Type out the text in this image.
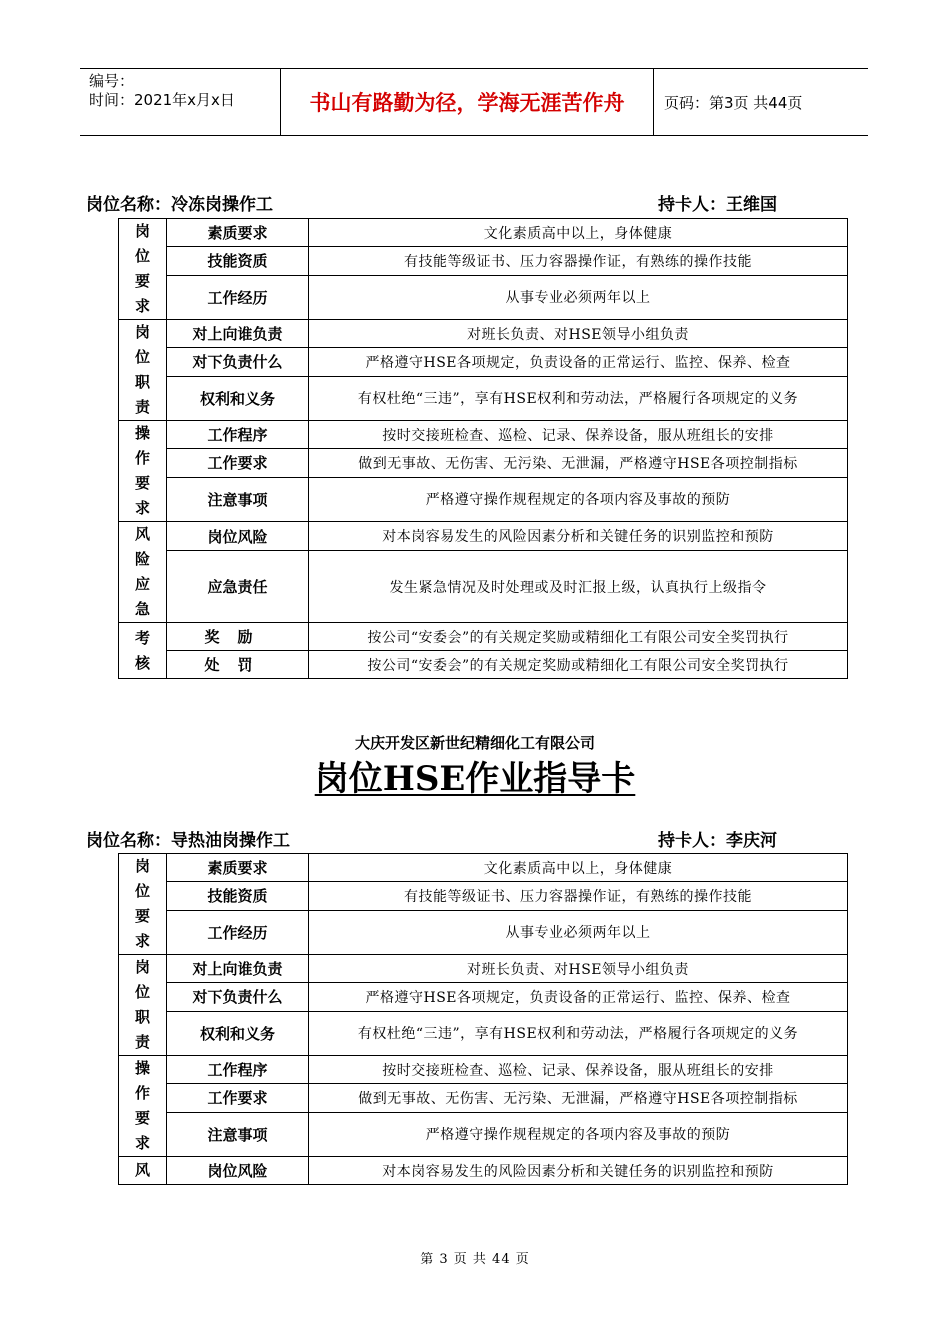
编号：
时间：2021年x月x日	书山有路勤为径，学海无涯苦作舟	页码：第3页 共44页
岗位名称：冷冻岗操作工	持卡人：王维国
岗
位
要
求	素质要求	文化素质高中以上，身体健康
	技能资质	有技能等级证书、压力容器操作证，有熟练的操作技能
	工作经历	从事专业必须两年以上

岗
位
职
责	对上向谁负责	对班长负责、对HSE领导小组负责
	对下负责什么	严格遵守HSE各项规定，负责设备的正常运行、监控、保养、检查
	权利和义务	有权杜绝“三违”，享有HSE权利和劳动法，严格履行各项规定的义务

操
作
要
求	工作程序	按时交接班检查、巡检、记录、保养设备，服从班组长的安排
	工作要求	做到无事故、无伤害、无污染、无泄漏，严格遵守HSE各项控制指标
	注意事项	严格遵守操作规程规定的各项内容及事故的预防

风
险
应
急	岗位风险	对本岗容易发生的风险因素分析和关键任务的识别监控和预防
	应急责任	发生紧急情况及时处理或及时汇报上级，认真执行上级指令

考
核	奖励	按公司“安委会”的有关规定奖励或精细化工有限公司安全奖罚执行
	处罚	按公司“安委会”的有关规定奖励或精细化工有限公司安全奖罚执行
大庆开发区新世纪精细化工有限公司
岗位HSE作业指导卡
岗位名称：导热油岗操作工	持卡人：李庆河
岗
位
要
求	素质要求	文化素质高中以上，身体健康
	技能资质	有技能等级证书、压力容器操作证，有熟练的操作技能
	工作经历	从事专业必须两年以上

岗
位
职
责	对上向谁负责	对班长负责、对HSE领导小组负责
	对下负责什么	严格遵守HSE各项规定，负责设备的正常运行、监控、保养、检查
	权利和义务	有权杜绝“三违”，享有HSE权利和劳动法，严格履行各项规定的义务

操
作
要
求	工作程序	按时交接班检查、巡检、记录、保养设备，服从班组长的安排
	工作要求	做到无事故、无伤害、无污染、无泄漏，严格遵守HSE各项控制指标
	注意事项	严格遵守操作规程规定的各项内容及事故的预防

风	岗位风险	对本岗容易发生的风险因素分析和关键任务的识别监控和预防
第 3 页 共 44 页
